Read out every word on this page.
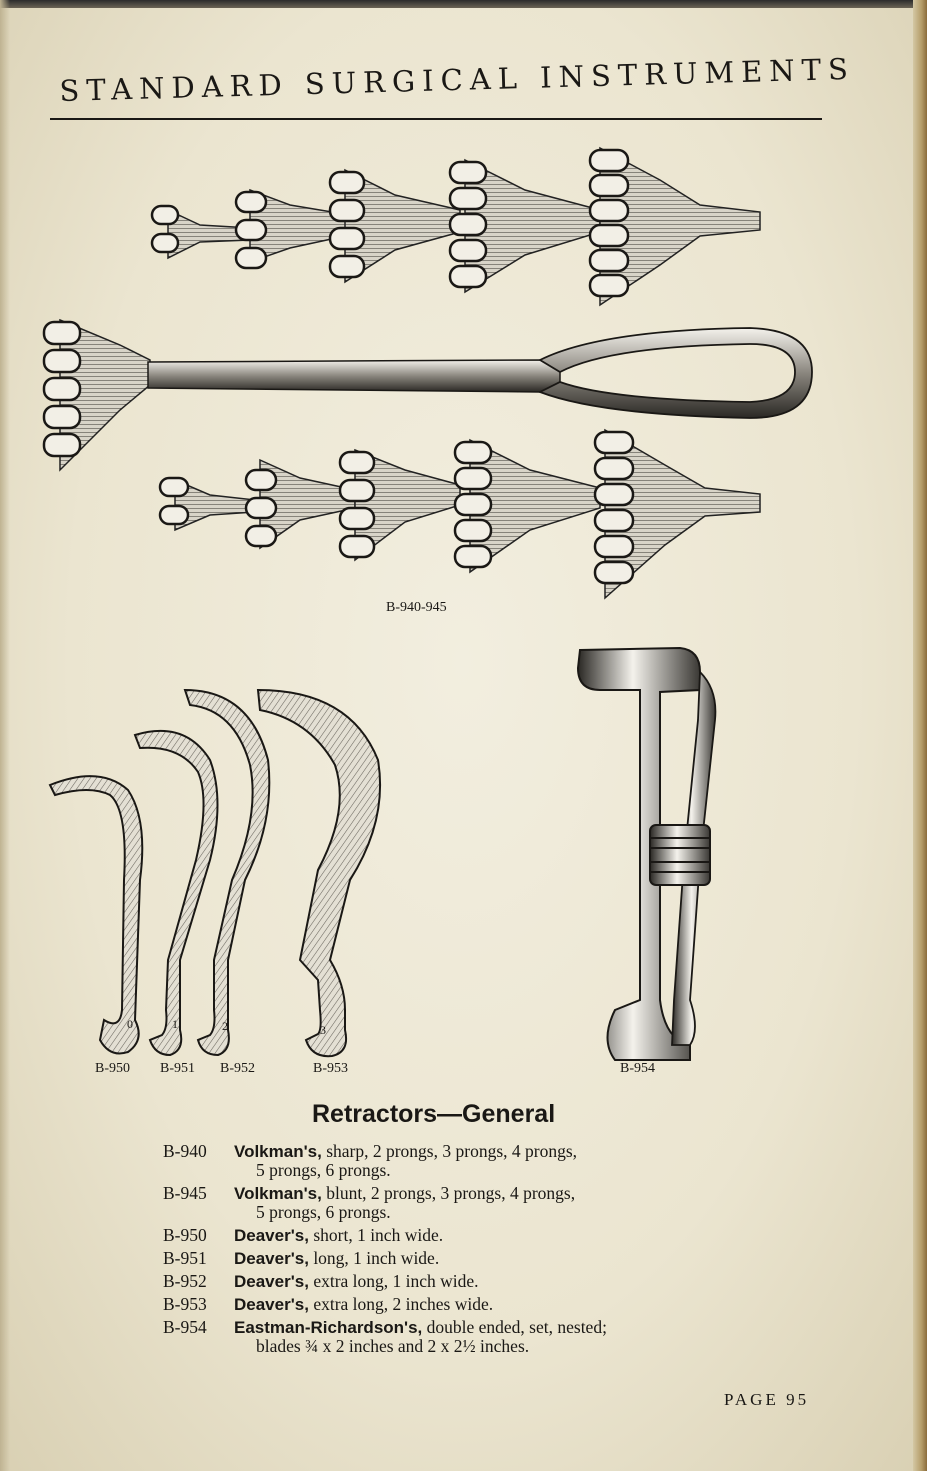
STANDARD SURGICAL INSTRUMENTS
0	1	2	3
B-940-945
B-950 B-951 B-952	B-953	B-954
Retractors—General
B-940 Volkman's, sharp, 2 prongs, 3 prongs, 4 prongs,
5 prongs, 6 prongs.
B-945 Volkman's, blunt, 2 prongs, 3 prongs, 4 prongs,
5 prongs, 6 prongs.
B-950 Deaver's, short, 1 inch wide.
B-951 Deaver's, long, 1 inch wide.
B-952 Deaver's, extra long, 1 inch wide.
B-953 Deaver's, extra long, 2 inches wide.
B-954 Eastman-Richardson's, double ended, set, nested;
blades ¾ x 2 inches and 2 x 2½ inches.
PAGE 95
